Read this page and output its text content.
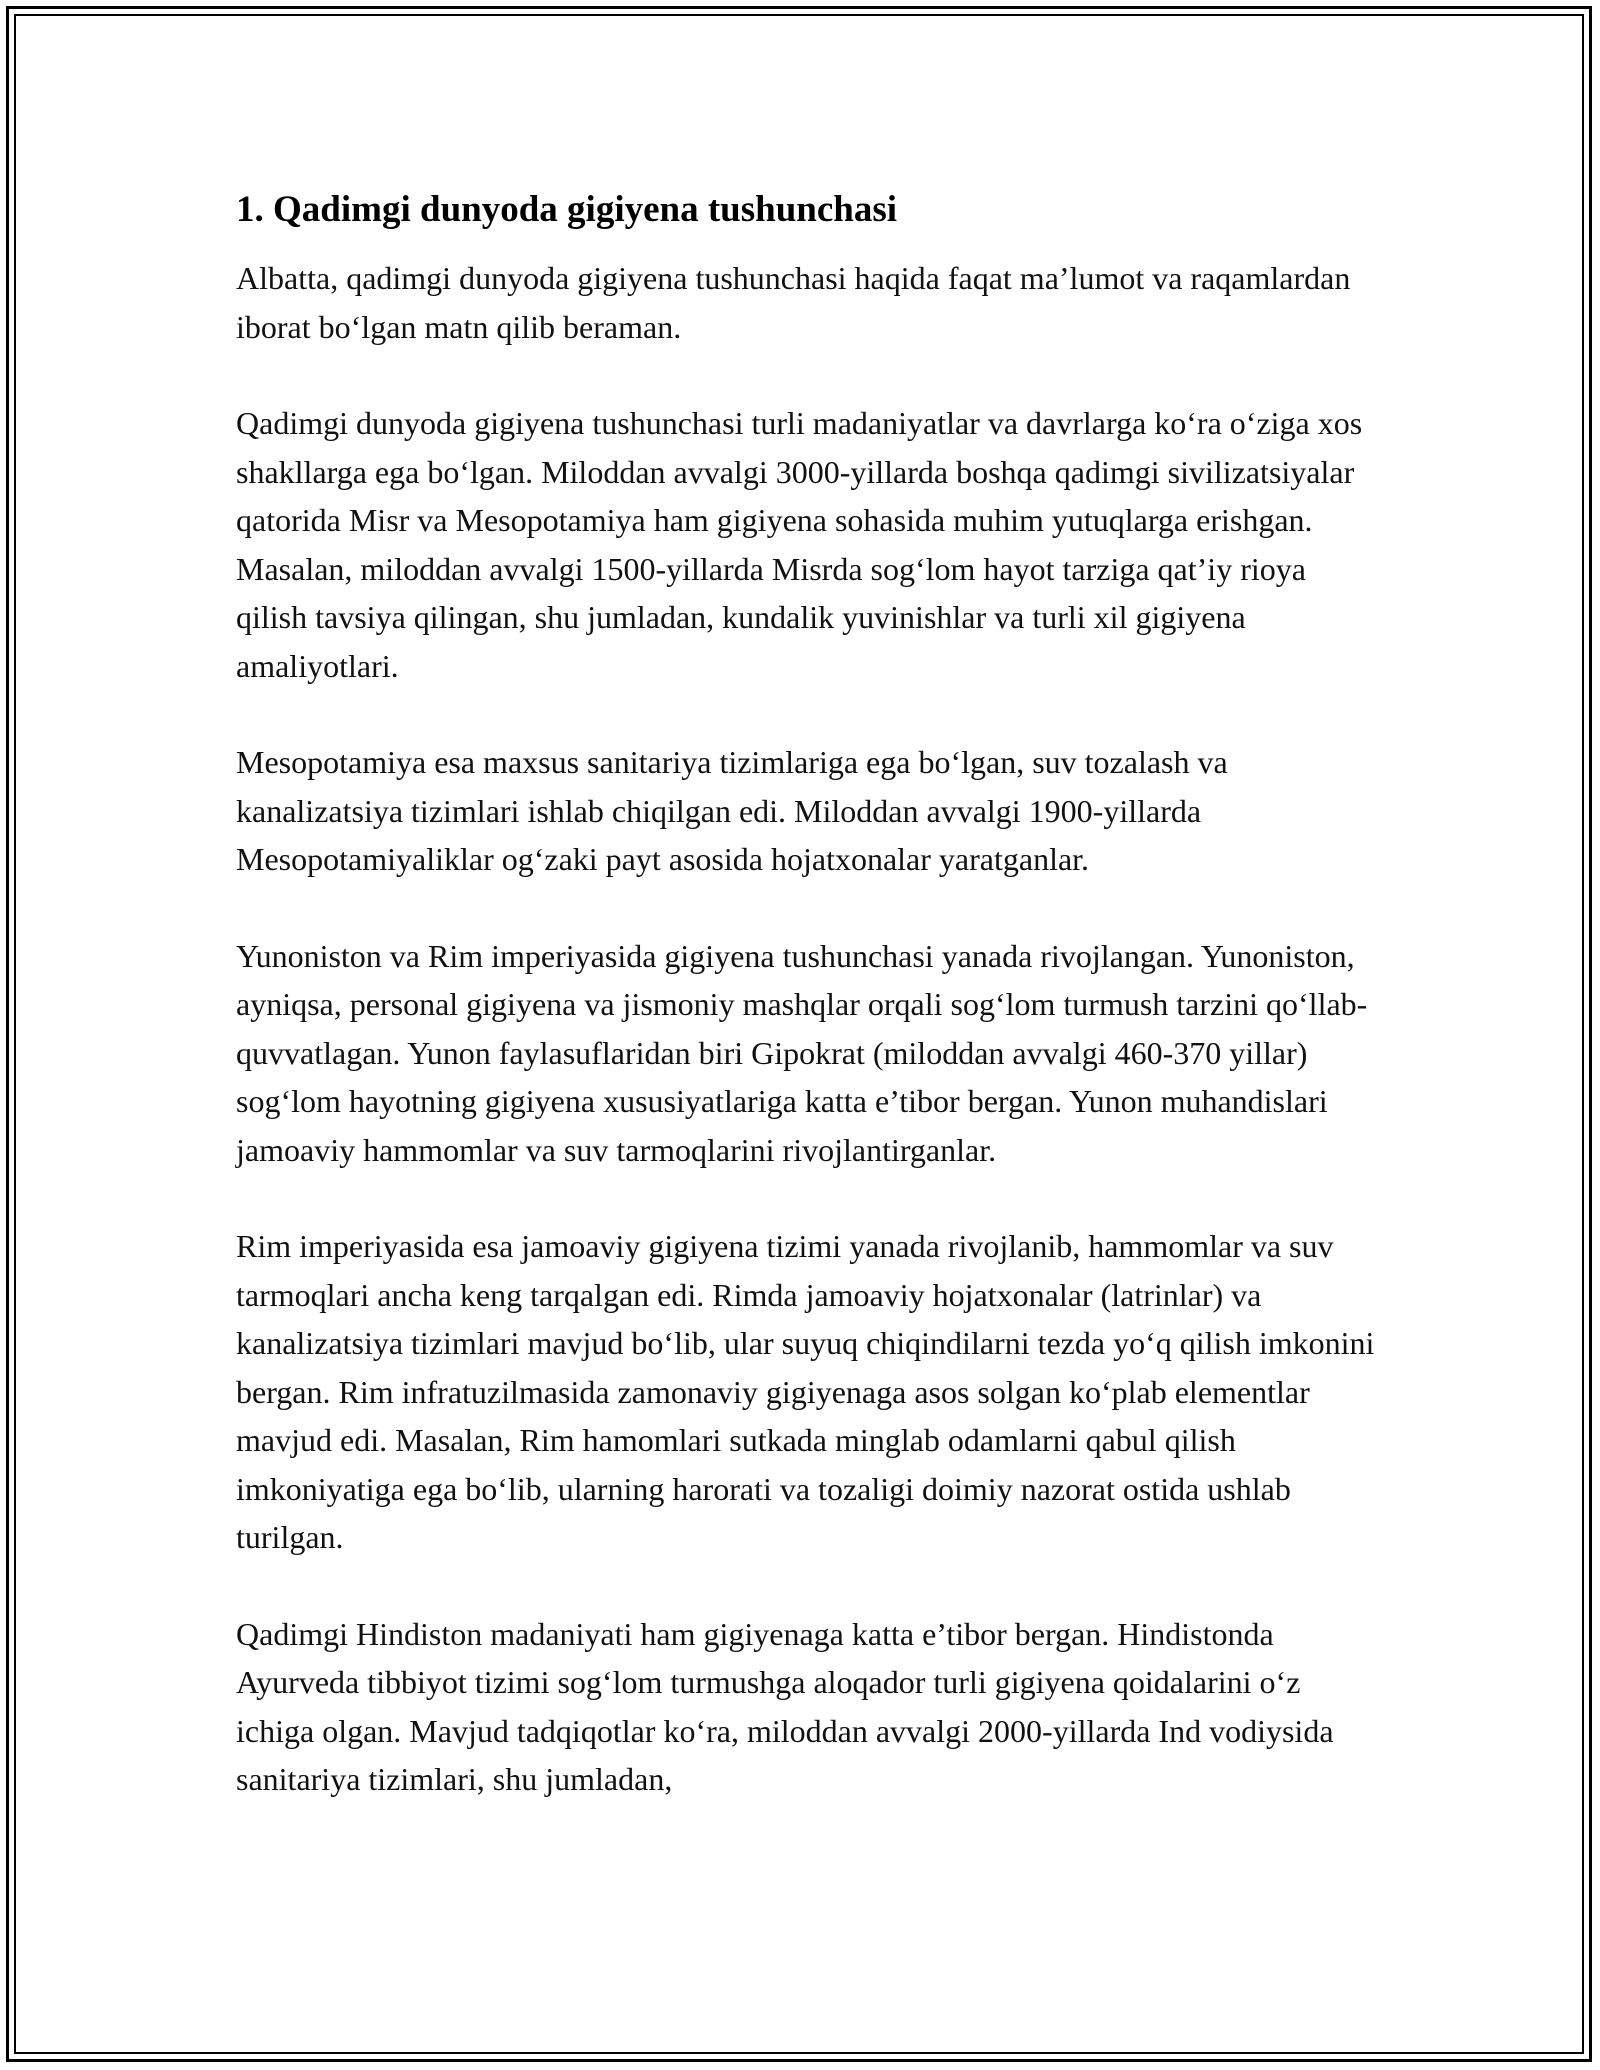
1. Qadimgi dunyoda gigiyena tushunchasi

Albatta, qadimgi dunyoda gigiyena tushunchasi haqida faqat ma’lumot va raqamlardan iborat bo‘lgan matn qilib beraman.

Qadimgi dunyoda gigiyena tushunchasi turli madaniyatlar va davrlarga ko‘ra o‘ziga xos shakllarga ega bo‘lgan. Miloddan avvalgi 3000-yillarda boshqa qadimgi sivilizatsiyalar qatorida Misr va Mesopotamiya ham gigiyena sohasida muhim yutuqlarga erishgan. Masalan, miloddan avvalgi 1500-yillarda Misrda sog‘lom hayot tarziga qat’iy rioya qilish tavsiya qilingan, shu jumladan, kundalik yuvinishlar va turli xil gigiyena amaliyotlari.

Mesopotamiya esa maxsus sanitariya tizimlariga ega bo‘lgan, suv tozalash va kanalizatsiya tizimlari ishlab chiqilgan edi. Miloddan avvalgi 1900-yillarda Mesopotamiyaliklar og‘zaki payt asosida hojatxonalar yaratganlar.

Yunoniston va Rim imperiyasida gigiyena tushunchasi yanada rivojlangan. Yunoniston, ayniqsa, personal gigiyena va jismoniy mashqlar orqali sog‘lom turmush tarzini qo‘llab-quvvatlagan. Yunon faylasuflaridan biri Gipokrat (miloddan avvalgi 460-370 yillar) sog‘lom hayotning gigiyena xususiyatlariga katta e’tibor bergan. Yunon muhandislari jamoaviy hammomlar va suv tarmoqlarini rivojlantirganlar.

Rim imperiyasida esa jamoaviy gigiyena tizimi yanada rivojlanib, hammomlar va suv tarmoqlari ancha keng tarqalgan edi. Rimda jamoaviy hojatxonalar (latrinlar) va kanalizatsiya tizimlari mavjud bo‘lib, ular suyuq chiqindilarni tezda yo‘q qilish imkonini bergan. Rim infratuzilmasida zamonaviy gigiyenaga asos solgan ko‘plab elementlar mavjud edi. Masalan, Rim hamomlari sutkada minglab odamlarni qabul qilish imkoniyatiga ega bo‘lib, ularning harorati va tozaligi doimiy nazorat ostida ushlab turilgan.

Qadimgi Hindiston madaniyati ham gigiyenaga katta e’tibor bergan. Hindistonda Ayurveda tibbiyot tizimi sog‘lom turmushga aloqador turli gigiyena qoidalarini o‘z ichiga olgan. Mavjud tadqiqotlar ko‘ra, miloddan avvalgi 2000-yillarda Ind vodiysida sanitariya tizimlari, shu jumladan,
